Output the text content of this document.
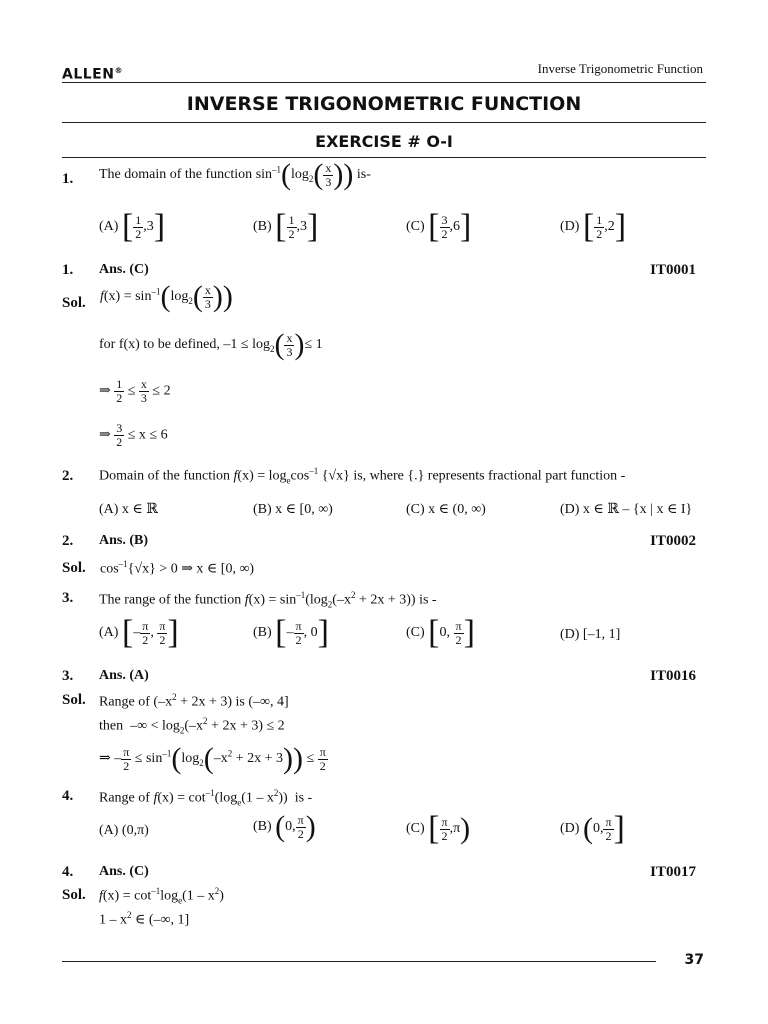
Inverse Trigonometric Function
ALLEN®
INVERSE TRIGONOMETRIC FUNCTION
EXERCISE # O-I
1. The domain of the function $\sin^{-1}(\log_2( \frac{x}{3}$ )) is-
(A) [ $\frac{1}{2} ,3$]	(B) [ $\frac{1}{2} ,3$]	(C) [ $\frac{3}{2} ,6$]	(D) [ $\frac{1}{2} ,2$]
1. Ans. (C)	IT0001
Sol. $f(x) = \sin^{-1}(\log_2( \frac{x}{3}$ ))
for f(x) to be defined, $-1 \le \log_2( \frac{x}{3}$ )≤ 1
⇒ $\frac{1}{2} \le \frac{x}{3} \le 2$
⇒ $\frac{3}{2} \le x \le 6$
2. Domain of the function $f(x) = \log_e\cos^{-1}$ {√x} is, where {.} represents fractional part function -
(A) x ∈ ℝ	(B) x ∈ [0, ∞)	(C) x ∈ (0, ∞)	(D) x ∈ ℝ – {x | x ∈ I}
2. Ans. (B)	IT0002
Sol. $\cos^{-1}\{√x\} > 0$ ⇒ x ∈ [0, ∞)
3. The range of the function $f(x) = \sin^{-1}(\log_2(-x^2 + 2x + 3))$ is -
(A) [– $\frac{\pi}{2}$ , $\frac{\pi}{2}$ ]	(B) [– $\frac{\pi}{2}$ , 0]	(C) [0, $\frac{\pi}{2}$ ]	(D) [–1, 1]
3. Ans. (A)	IT0016
Sol. Range of $(-x^2 + 2x + 3)$ is (–∞, 4]
then  –∞ < $\log_2(-x^2 + 2x + 3) \le 2$
⇒ – $\frac{\pi}{2} \le \sin^{-1}(\log_2(-x^2 + 2x + 3)) \le \frac{\pi}{2}$
4. Range of $f(x) = \cot^{-1}(\log_e(1 - x^2))$  is -
(A) (0,π)	(B) (0, $\frac{\pi}{2}$ )	(C) [ $\frac{\pi}{2} ,\pi$)	(D) (0, $\frac{\pi}{2}$ ]
4. Ans. (C)	IT0017
Sol. $f(x) = \cot^{-1}\log_e(1 - x^2)$
$1 - x^2$ ∈ (–∞, 1]
37
